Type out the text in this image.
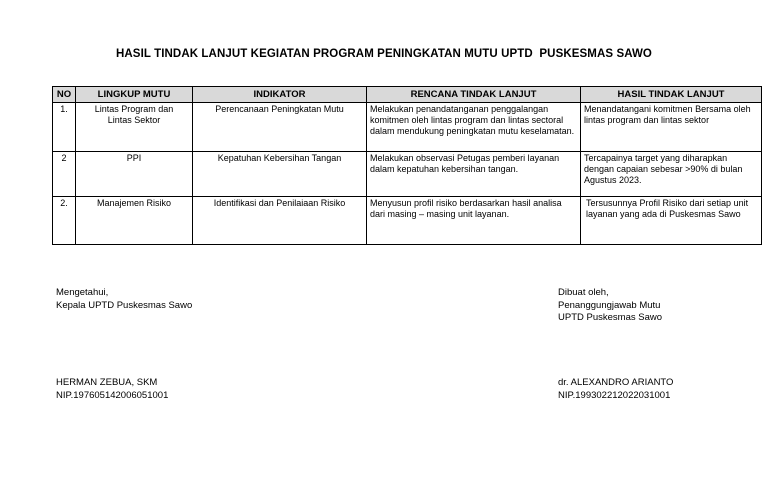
HASIL TINDAK LANJUT KEGIATAN PROGRAM PENINGKATAN MUTU UPTD  PUSKESMAS SAWO
NO	LINGKUP MUTU	INDIKATOR	RENCANA TINDAK LANJUT	HASIL TINDAK LANJUT
1.	Lintas Program dan Lintas Sektor	Perencanaan Peningkatan Mutu	Melakukan penandatanganan penggalangan komitmen oleh lintas program dan lintas sectoral dalam mendukung peningkatan mutu keselamatan.	Menandatangani komitmen Bersama oleh lintas program dan lintas sektor
2	PPI	Kepatuhan Kebersihan Tangan	Melakukan observasi Petugas pemberi layanan dalam kepatuhan kebersihan tangan.	Tercapainya target yang diharapkan dengan capaian sebesar >90% di bulan Agustus 2023.
2.	Manajemen Risiko	Identifikasi dan Penilaiaan Risiko	Menyusun profil risiko berdasarkan hasil analisa dari masing – masing unit layanan.	Tersusunnya Profil Risiko dari setiap unit layanan yang ada di Puskesmas Sawo
Mengetahui,
Kepala UPTD Puskesmas Sawo
HERMAN ZEBUA, SKM
NIP.197605142006051001
Dibuat oleh,
Penanggungjawab Mutu
UPTD Puskesmas Sawo
dr. ALEXANDRO ARIANTO
NIP.199302212022031001
